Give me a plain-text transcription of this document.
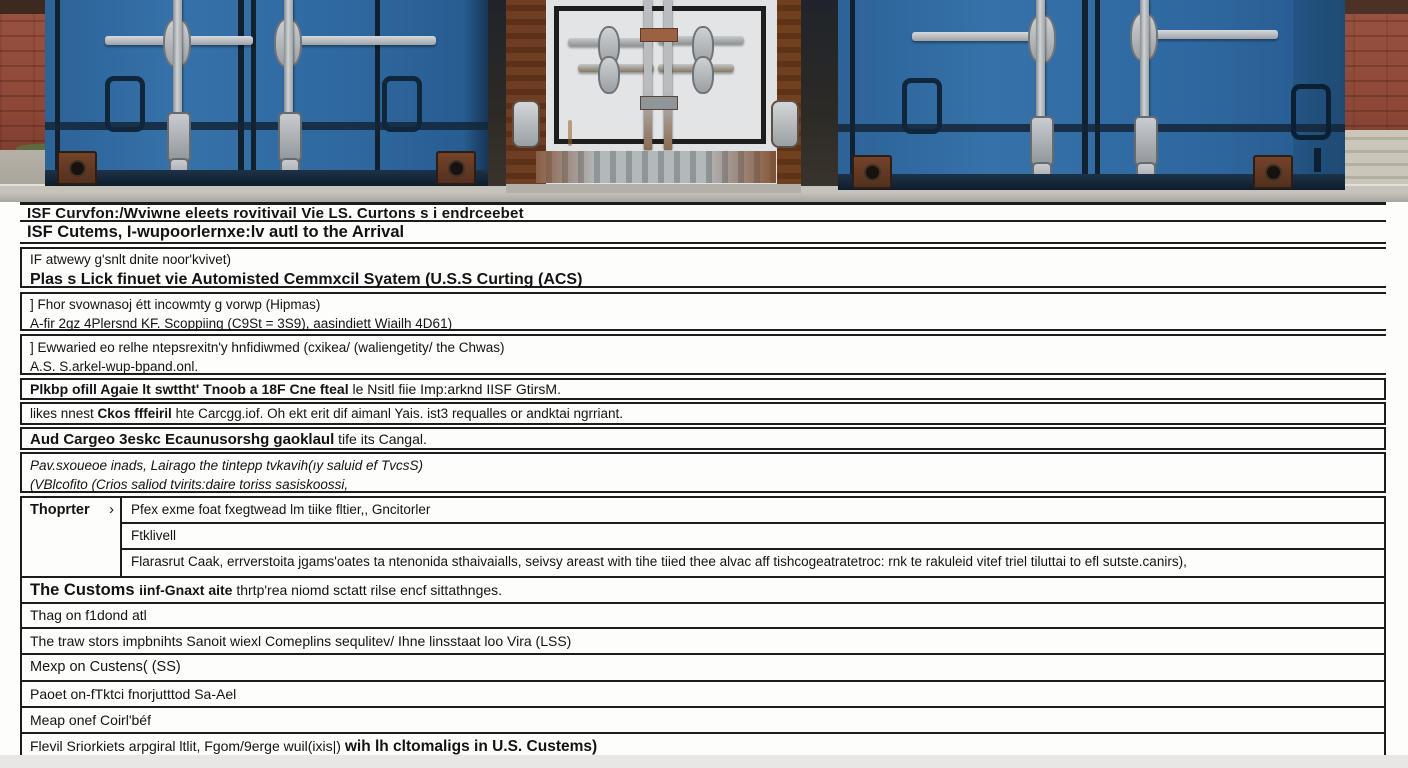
ISF Curvfon:/Wviwne eleets rovitivail Vie LS. Curtons s i endrceebet
ISF Cutems, I-wupoorlernxe:lv autl to the Arrival
IF atwewy g'snlt dnite noor'kvivet)
Plas s Lick finuet vie Automisted Cemmxcil Syatem (U.S.S Curting (ACS)
] Fhor svownasoj étt incowmty g vorwp (Hipmas)
A-fir 2gz 4Plersnd KF. Scoppiing (C9St = 3S9), aasindiett Wiailh 4D61)
] Ewwaried eo relhe ntepsrexitn'y hnfidiwmed (cxikea/ (waliengetity/ the Chwas)
A.S. S.arkel-wup-bpand.onl.
Plkbp ofill Agaie lt swttht' Tnoob a 18F Cne fteal le Nsitl fiie Imp:arknd IISF GtirsM.
likes nnest Ckos fffeiril hte Carcgg.iof. Oh ekt erit dif aimanl Yais. ist3 requalles or andktai ngrriant.
Aud Cargeo 3eskc Ecaunusorshg gaoklaul tife its Cangal.
Pav.sxoueoe inads, Lairago the tintepp tvkavih(ıy saluid ef TvcsS)
(VBlcofito (Crios saliod tvirits:daire toriss sasiskoossi,
Thoprter ›	Pfex exme foat fxegtwead lm tiike fltier,, Gncitorler
Ftklivell
Flarasrut Caak, errverstoita jgams'oates ta ntenonida sthaivaialls, seivsy areast with tihe tiied thee alvac aff tishcogeatratetroc: rnk te rakuleid vitef triel tiluttai to efl sutste.canirs),
The Customs iinf-Gnaxt aite thrtp'rea niomd sctatt rilse encf sittathnges.
Thag on f1dond atl
The traw stors impbnihts Sanoit wiexl Comeplins sequlitev/ Ihne linsstaat loo Vira (LSS)
Mexp on Custens( (SS)
Paoet on-fTktci fnorjutttod Sa-Ael
Meap onef Coirl'béf
Flevil Sriorkiets arpgiral ltlit, Fgom/9erge wuil(ixis|) wih lh cltomaligs in U.S. Custems)
